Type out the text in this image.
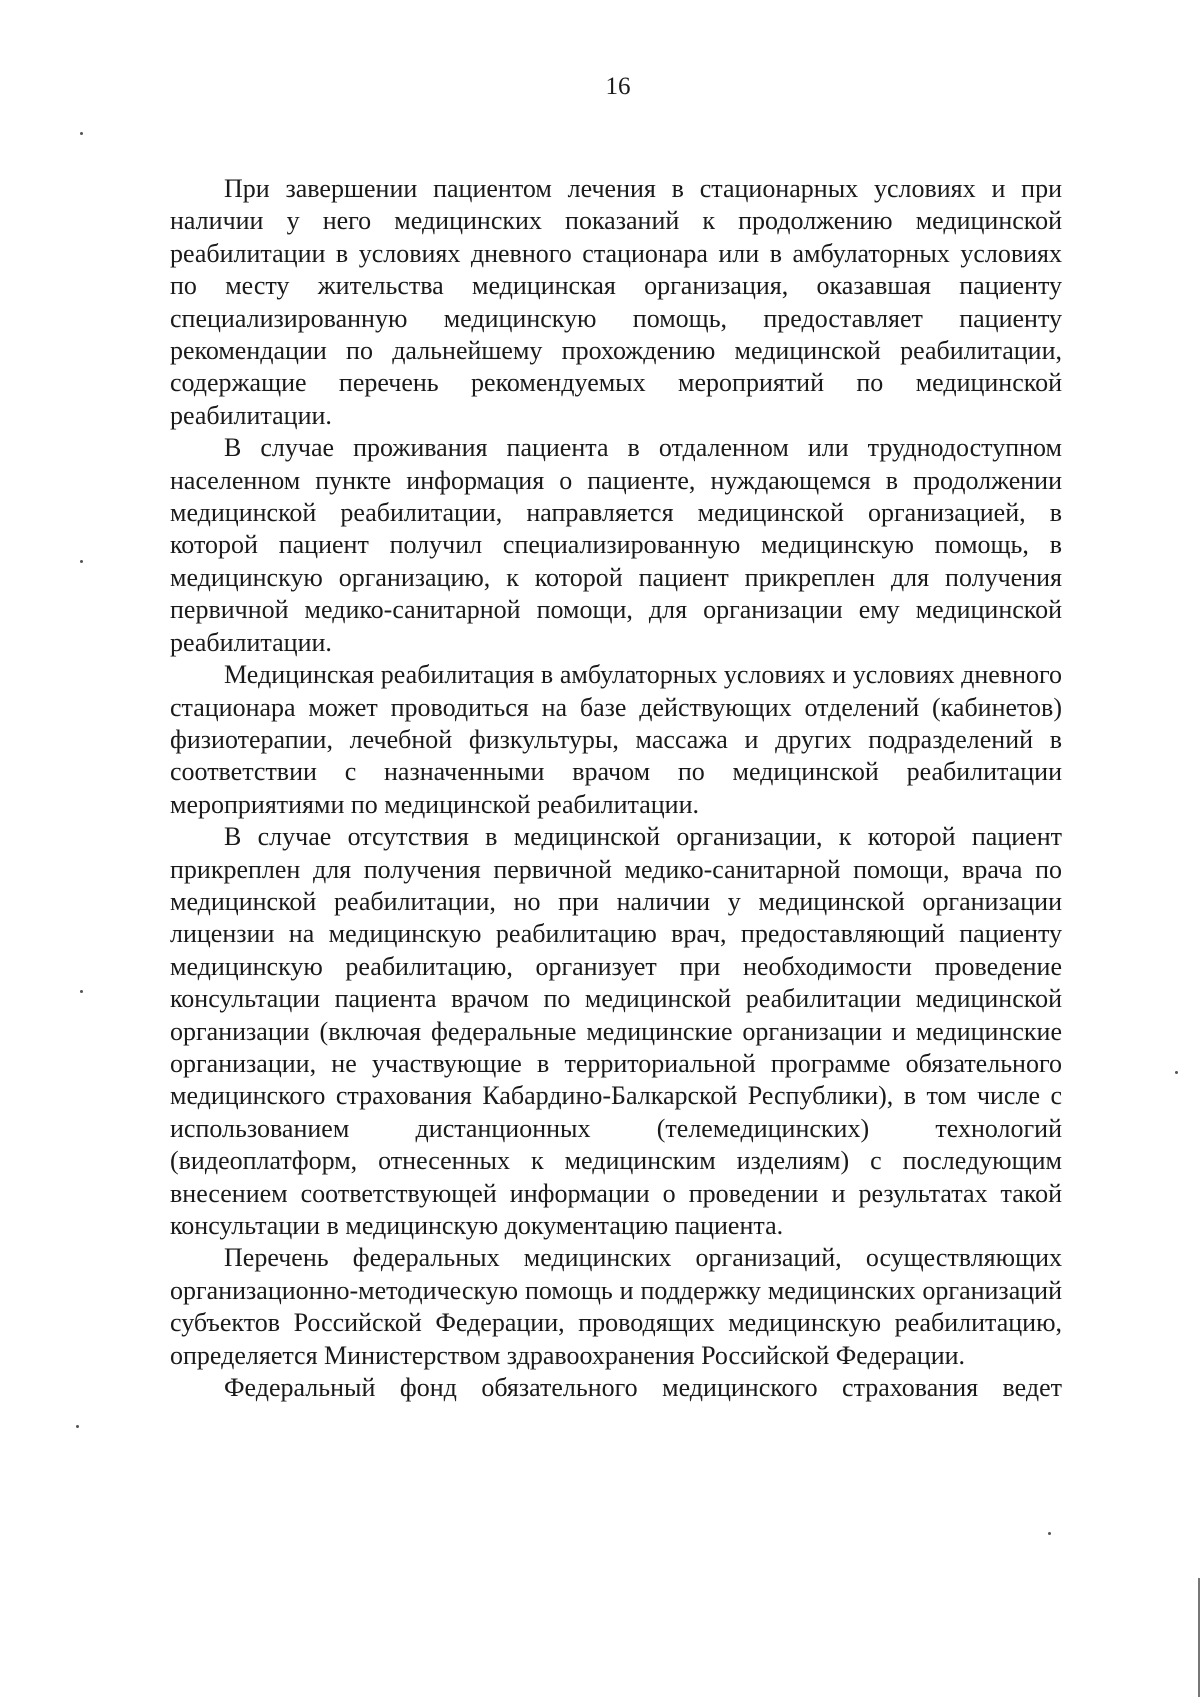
16

При завершении пациентом лечения в стационарных условиях и при наличии у него медицинских показаний к продолжению медицинской реабилитации в условиях дневного стационара или в амбулаторных условиях по месту жительства медицинская организация, оказавшая пациенту специализированную медицинскую помощь, предоставляет пациенту рекомендации по дальнейшему прохождению медицинской реабилитации, содержащие перечень рекомендуемых мероприятий по медицинской реабилитации.

В случае проживания пациента в отдаленном или труднодоступном населенном пункте информация о пациенте, нуждающемся в продолжении медицинской реабилитации, направляется медицинской организацией, в которой пациент получил специализированную медицинскую помощь, в медицинскую организацию, к которой пациент прикреплен для получения первичной медико-санитарной помощи, для организации ему медицинской реабилитации.

Медицинская реабилитация в амбулаторных условиях и условиях дневного стационара может проводиться на базе действующих отделений (кабинетов) физиотерапии, лечебной физкультуры, массажа и других подразделений в соответствии с назначенными врачом по медицинской реабилитации мероприятиями по медицинской реабилитации.

В случае отсутствия в медицинской организации, к которой пациент прикреплен для получения первичной медико-санитарной помощи, врача по медицинской реабилитации, но при наличии у медицинской организации лицензии на медицинскую реабилитацию врач, предоставляющий пациенту медицинскую реабилитацию, организует при необходимости проведение консультации пациента врачом по медицинской реабилитации медицинской организации (включая федеральные медицинские организации и медицинские организации, не участвующие в территориальной программе обязательного медицинского страхования Кабардино-Балкарской Республики), в том числе с использованием дистанционных (телемедицинских) технологий (видеоплатформ, отнесенных к медицинским изделиям) с последующим внесением соответствующей информации о проведении и результатах такой консультации в медицинскую документацию пациента.

Перечень федеральных медицинских организаций, осуществляющих организационно-методическую помощь и поддержку медицинских организаций субъектов Российской Федерации, проводящих медицинскую реабилитацию, определяется Министерством здравоохранения Российской Федерации.

Федеральный фонд обязательного медицинского страхования ведет
